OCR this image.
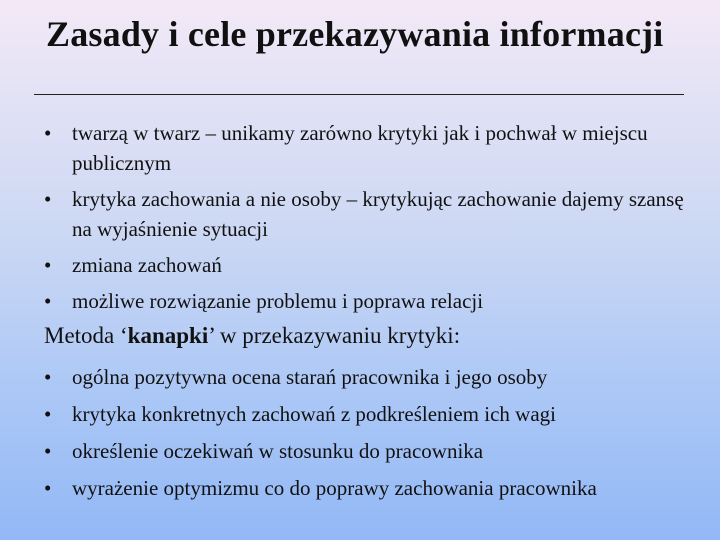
Zasady i cele przekazywania informacji
• twarzą w twarz – unikamy zarówno krytyki jak i pochwał w miejscu publicznym
• krytyka zachowania a nie osoby – krytykując zachowanie dajemy szansę na wyjaśnienie sytuacji
• zmiana zachowań
• możliwe rozwiązanie problemu i poprawa relacji
Metoda ‘kanapki’ w przekazywaniu krytyki:
• ogólna pozytywna ocena starań pracownika i jego osoby
• krytyka konkretnych zachowań z podkreśleniem ich wagi
• określenie oczekiwań w stosunku do pracownika
• wyrażenie optymizmu co do poprawy zachowania pracownika
